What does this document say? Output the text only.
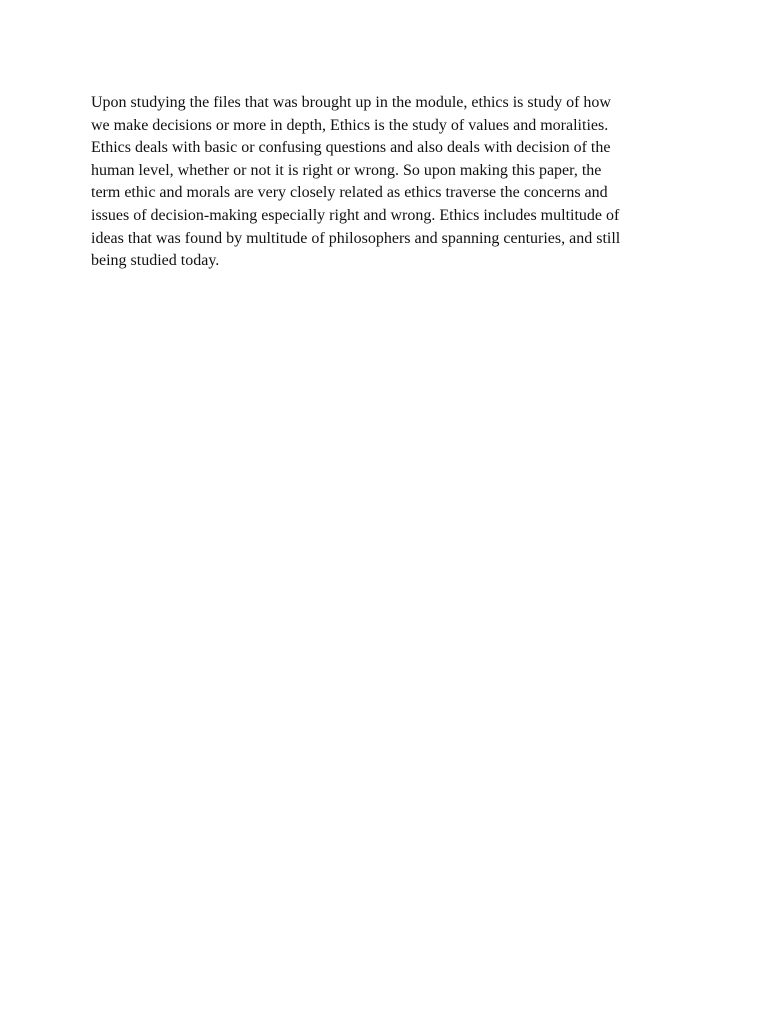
Upon studying the files that was brought up in the module, ethics is study of how
we make decisions or more in depth, Ethics is the study of values and moralities.
Ethics deals with basic or confusing questions and also deals with decision of the
human level, whether or not it is right or wrong. So upon making this paper, the
term ethic and morals are very closely related as ethics traverse the concerns and
issues of decision-making especially right and wrong. Ethics includes multitude of
ideas that was found by multitude of philosophers and spanning centuries, and still
being studied today.
